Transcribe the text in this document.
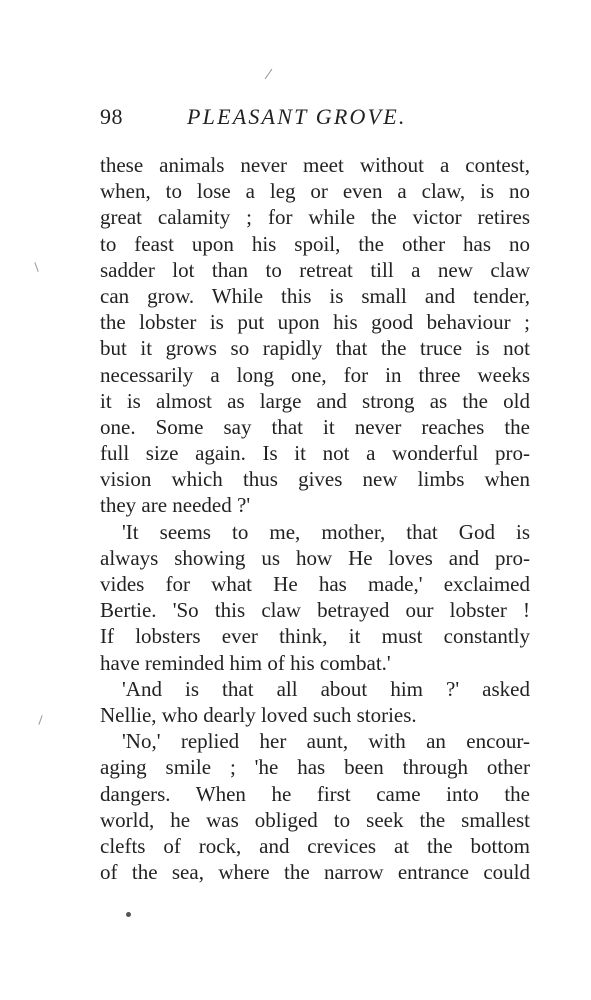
98	PLEASANT GROVE.
these animals never meet without a contest,
when, to lose a leg or even a claw, is no
great calamity ; for while the victor retires
to feast upon his spoil, the other has no
sadder lot than to retreat till a new claw
can grow. While this is small and tender,
the lobster is put upon his good behaviour ;
but it grows so rapidly that the truce is not
necessarily a long one, for in three weeks
it is almost as large and strong as the old
one. Some say that it never reaches the
full size again. Is it not a wonderful pro-
vision which thus gives new limbs when
they are needed ?'
'It seems to me, mother, that God is
always showing us how He loves and pro-
vides for what He has made,' exclaimed
Bertie. 'So this claw betrayed our lobster !
If lobsters ever think, it must constantly
have reminded him of his combat.'
'And is that all about him ?' asked
Nellie, who dearly loved such stories.
'No,' replied her aunt, with an encour-
aging smile ; 'he has been through other
dangers. When he first came into the
world, he was obliged to seek the smallest
clefts of rock, and crevices at the bottom
of the sea, where the narrow entrance could
